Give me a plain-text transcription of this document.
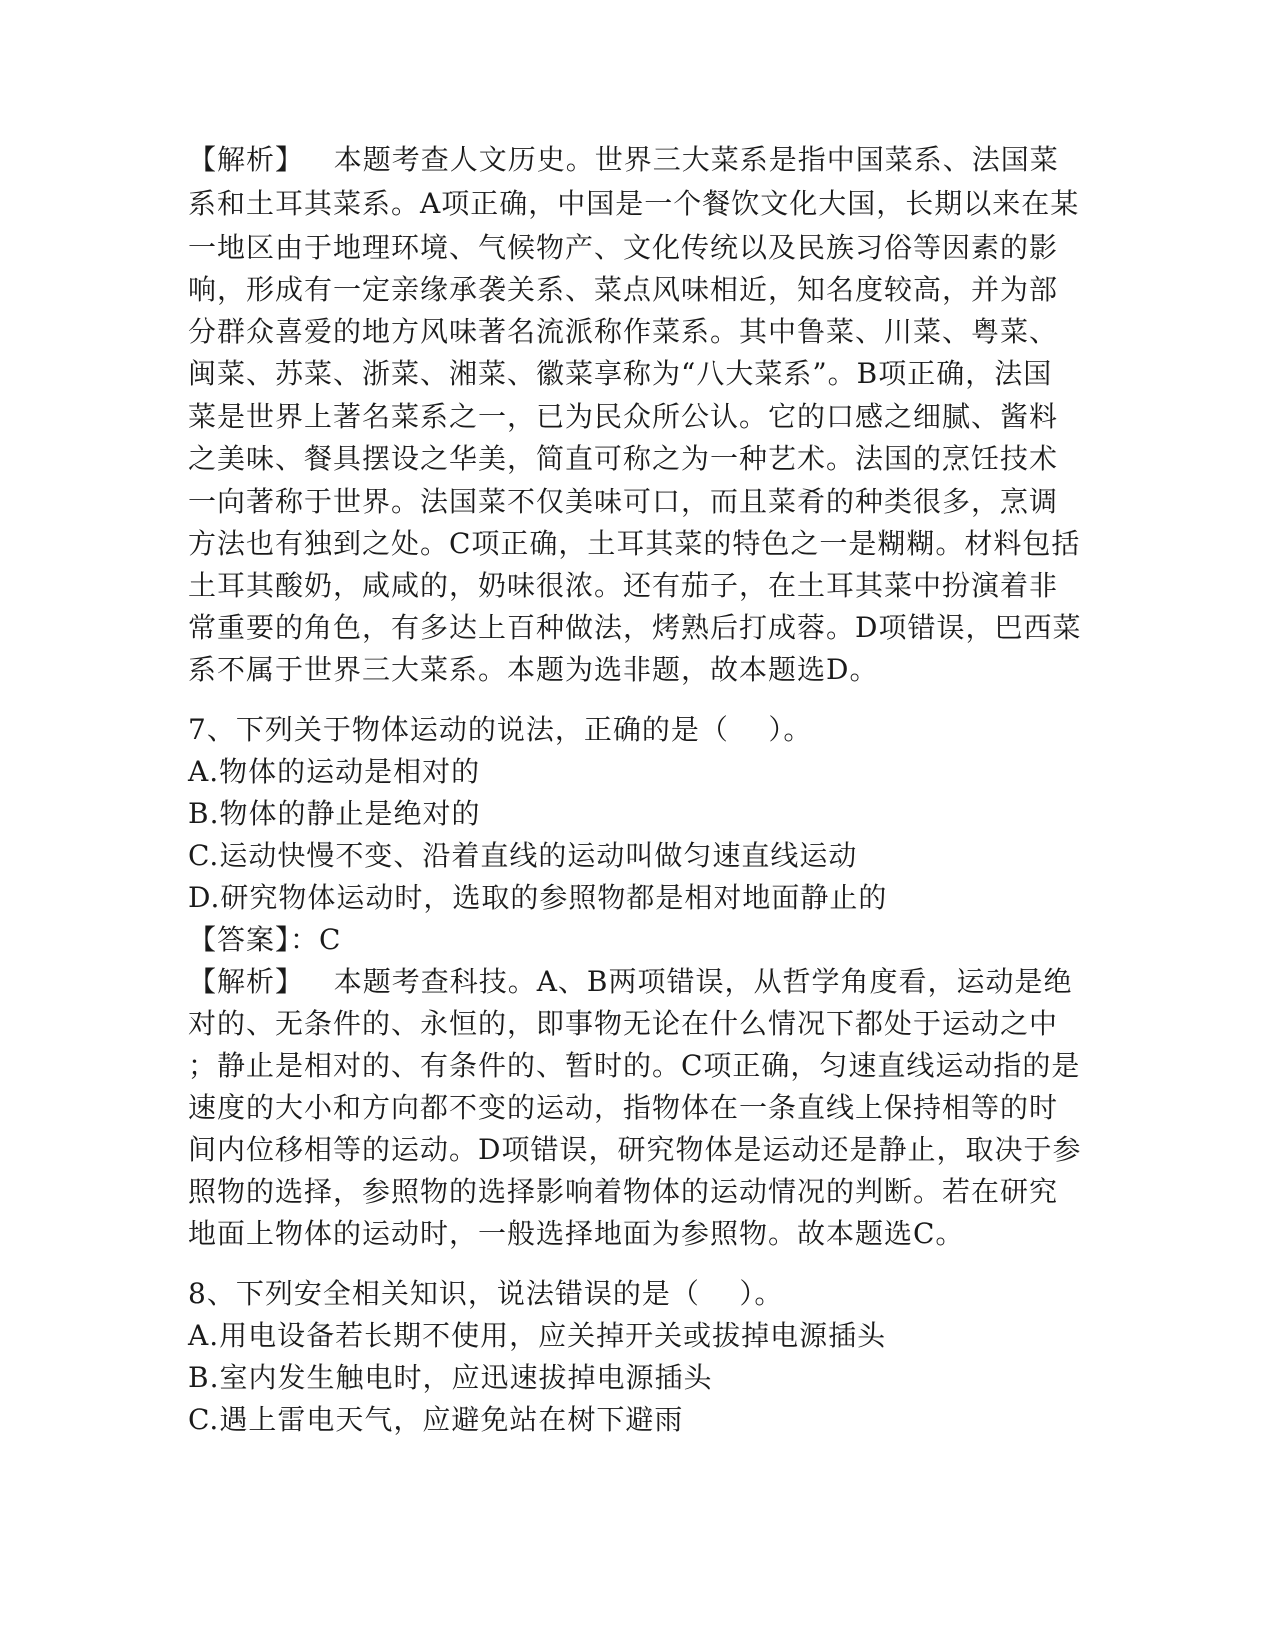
【解析】   本题考查人文历史。世界三大菜系是指中国菜系、法国菜
系和土耳其菜系。A项正确，中国是一个餐饮文化大国，长期以来在某
一地区由于地理环境、气候物产、文化传统以及民族习俗等因素的影
响，形成有一定亲缘承袭关系、菜点风味相近，知名度较高，并为部
分群众喜爱的地方风味著名流派称作菜系。其中鲁菜、川菜、粤菜、
闽菜、苏菜、浙菜、湘菜、徽菜享称为“八大菜系”。B项正确，法国
菜是世界上著名菜系之一，已为民众所公认。它的口感之细腻、酱料
之美味、餐具摆设之华美，简直可称之为一种艺术。法国的烹饪技术
一向著称于世界。法国菜不仅美味可口，而且菜肴的种类很多，烹调
方法也有独到之处。C项正确，土耳其菜的特色之一是糊糊。材料包括
土耳其酸奶，咸咸的，奶味很浓。还有茄子，在土耳其菜中扮演着非
常重要的角色，有多达上百种做法，烤熟后打成蓉。D项错误，巴西菜
系不属于世界三大菜系。本题为选非题，故本题选D。
7、下列关于物体运动的说法，正确的是（    ）。
A.物体的运动是相对的
B.物体的静止是绝对的
C.运动快慢不变、沿着直线的运动叫做匀速直线运动
D.研究物体运动时，选取的参照物都是相对地面静止的
【答案】：C
【解析】   本题考查科技。A、B两项错误，从哲学角度看，运动是绝
对的、无条件的、永恒的，即事物无论在什么情况下都处于运动之中
；静止是相对的、有条件的、暂时的。C项正确，匀速直线运动指的是
速度的大小和方向都不变的运动，指物体在一条直线上保持相等的时
间内位移相等的运动。D项错误，研究物体是运动还是静止，取决于参
照物的选择，参照物的选择影响着物体的运动情况的判断。若在研究
地面上物体的运动时，一般选择地面为参照物。故本题选C。
8、下列安全相关知识，说法错误的是（    ）。
A.用电设备若长期不使用，应关掉开关或拔掉电源插头
B.室内发生触电时，应迅速拔掉电源插头
C.遇上雷电天气，应避免站在树下避雨
